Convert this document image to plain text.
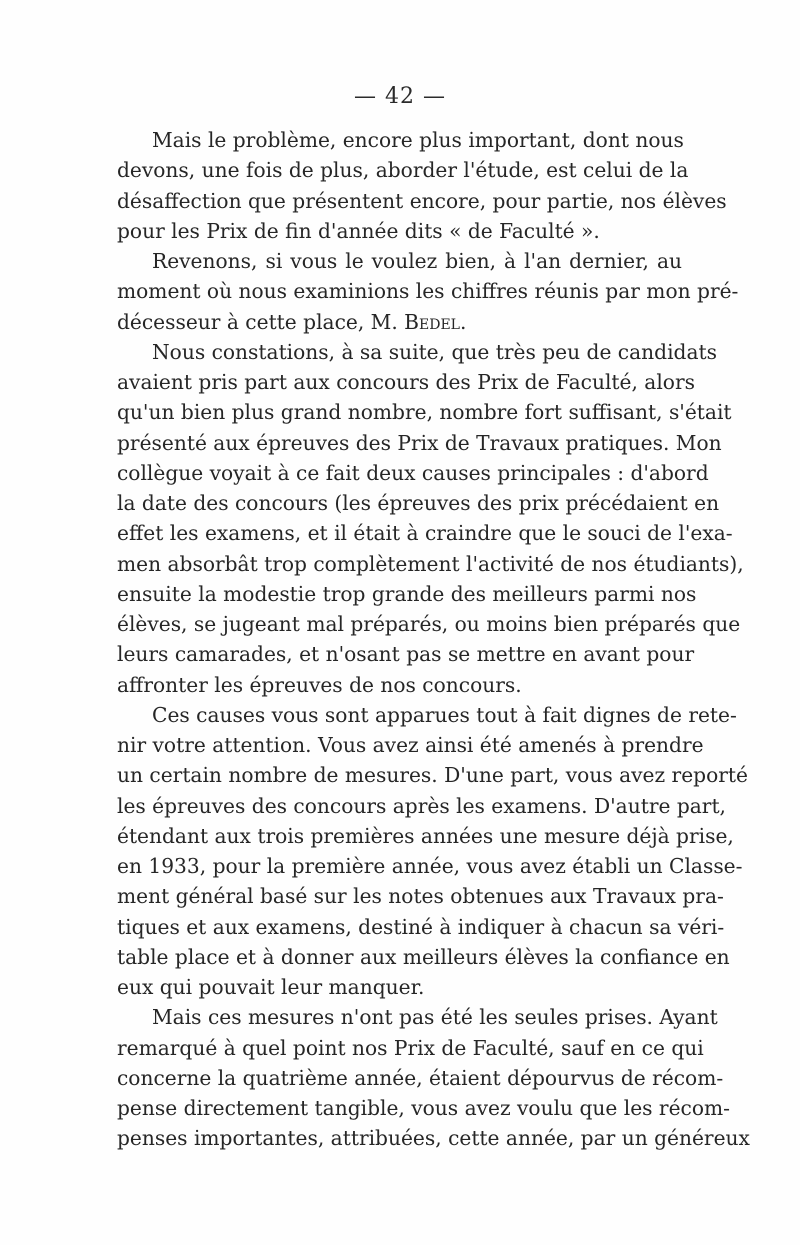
— 42 —
Mais le problème, encore plus important, dont nous
devons, une fois de plus, aborder l'étude, est celui de la
désaffection que présentent encore, pour partie, nos élèves
pour les Prix de fin d'année dits « de Faculté ».
Revenons, si vous le voulez bien, à l'an dernier, au
moment où nous examinions les chiffres réunis par mon pré-
décesseur à cette place, M. Bedel.
Nous constations, à sa suite, que très peu de candidats
avaient pris part aux concours des Prix de Faculté, alors
qu'un bien plus grand nombre, nombre fort suffisant, s'était
présenté aux épreuves des Prix de Travaux pratiques. Mon
collègue voyait à ce fait deux causes principales : d'abord
la date des concours (les épreuves des prix précédaient en
effet les examens, et il était à craindre que le souci de l'exa-
men absorbât trop complètement l'activité de nos étudiants),
ensuite la modestie trop grande des meilleurs parmi nos
élèves, se jugeant mal préparés, ou moins bien préparés que
leurs camarades, et n'osant pas se mettre en avant pour
affronter les épreuves de nos concours.
Ces causes vous sont apparues tout à fait dignes de rete-
nir votre attention. Vous avez ainsi été amenés à prendre
un certain nombre de mesures. D'une part, vous avez reporté
les épreuves des concours après les examens. D'autre part,
étendant aux trois premières années une mesure déjà prise,
en 1933, pour la première année, vous avez établi un Classe-
ment général basé sur les notes obtenues aux Travaux pra-
tiques et aux examens, destiné à indiquer à chacun sa véri-
table place et à donner aux meilleurs élèves la confiance en
eux qui pouvait leur manquer.
Mais ces mesures n'ont pas été les seules prises. Ayant
remarqué à quel point nos Prix de Faculté, sauf en ce qui
concerne la quatrième année, étaient dépourvus de récom-
pense directement tangible, vous avez voulu que les récom-
penses importantes, attribuées, cette année, par un généreux
